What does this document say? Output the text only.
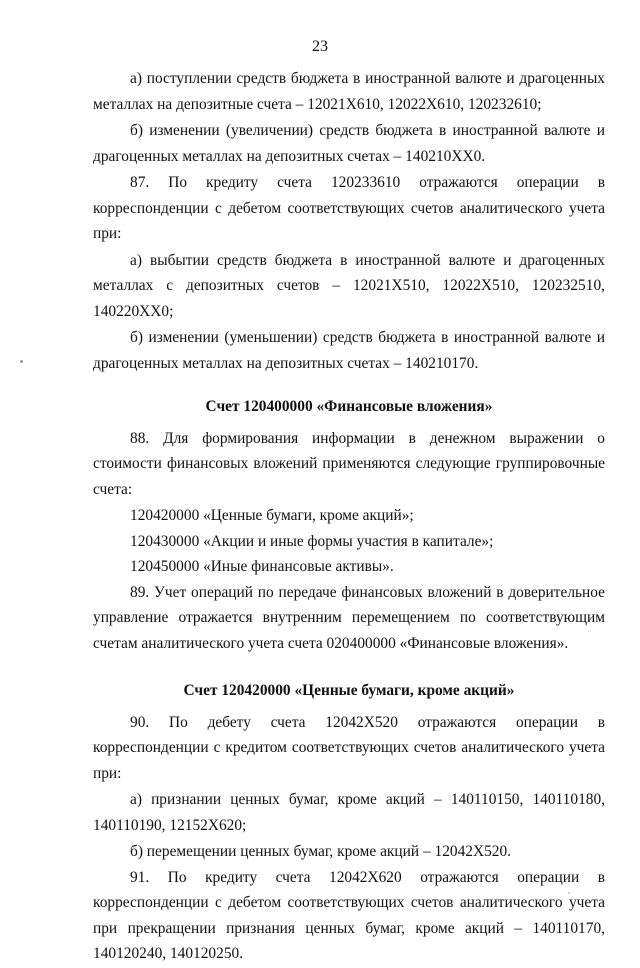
23

а) поступлении средств бюджета в иностранной валюте и драгоценных металлах на депозитные счета – 12021Х610, 12022Х610, 120232610;

б) изменении (увеличении) средств бюджета в иностранной валюте и драгоценных металлах на депозитных счетах – 140210ХХ0.

87. По кредиту счета 120233610 отражаются операции в корреспонденции с дебетом соответствующих счетов аналитического учета при:

а) выбытии средств бюджета в иностранной валюте и драгоценных металлах с депозитных счетов – 12021Х510, 12022Х510, 120232510, 140220ХХ0;

б) изменении (уменьшении) средств бюджета в иностранной валюте и драгоценных металлах на депозитных счетах – 140210170.

Счет 120400000 «Финансовые вложения»

88. Для формирования информации в денежном выражении о стоимости финансовых вложений применяются следующие группировочные счета:

120420000 «Ценные бумаги, кроме акций»;

120430000 «Акции и иные формы участия в капитале»;

120450000 «Иные финансовые активы».

89. Учет операций по передаче финансовых вложений в доверительное управление отражается внутренним перемещением по соответствующим счетам аналитического учета счета 020400000 «Финансовые вложения».

Счет 120420000 «Ценные бумаги, кроме акций»

90. По дебету счета 12042Х520 отражаются операции в корреспонденции с кредитом соответствующих счетов аналитического учета при:

а) признании ценных бумаг, кроме акций – 140110150, 140110180, 140110190, 12152Х620;

б) перемещении ценных бумаг, кроме акций – 12042Х520.

91. По кредиту счета 12042Х620 отражаются операции в корреспонденции с дебетом соответствующих счетов аналитического учета при прекращении признания ценных бумаг, кроме акций – 140110170, 140120240, 140120250.
